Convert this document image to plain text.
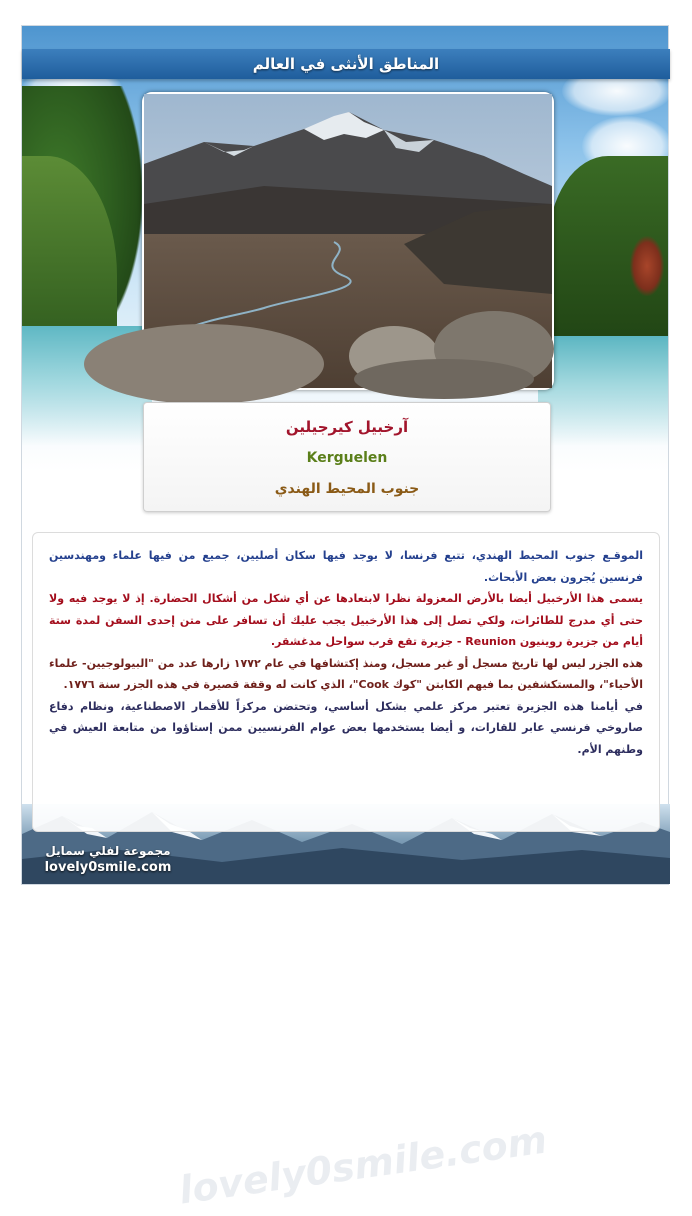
المناطق الأنثى في العالم
آرخبيل كيرجيلين
Kerguelen
جنوب المحيط الهندي
lovely0smile.com

الموقـع جنوب المحيط الهندي، تتبع فرنسا، لا يوجد فيها سكان أصليين، جميع من فيها علماء ومهندسين فرنسين يُجرون بعض الأبحاث.

يسمى هذا الأرخبيل أيضا بالأرض المعزولة نظرا لابتعادها عن أي شكل من أشكال الحضارة. إذ لا يوجد فيه ولا حتى أي مدرج للطائرات، ولكي تصل إلى هذا الأرخبيل يجب عليك أن تسافر على متن إحدى السفن لمدة ستة أيام من جزيرة روينيون Reunion - جزيرة تقع قرب سواحل مدغشقر.

هذه الجزر ليس لها تاريخ مسجل أو غير مسجل، ومنذ إكتشافها في عام ١٧٧٢ زارها عدد من "البيولوجيين- علماء الأحياء"، والمستكشفين بما فيهم الكابتن "كوك Cook"، الذي كانت له وقفة قصيرة في هذه الجزر سنة ١٧٧٦.

في أيامنا هذه الجزيرة تعتبر مركز علمي بشكل أساسي، وتحتضن مركزاً للأقمار الاصطناعية، ونظام دفاع صاروخي فرنسي عابر للقارات، و أيضا يستخدمها بعض عوام الفرنسيين ممن إستاؤوا من متابعة العيش في وطنهم الأم.

مجموعة لفلي سمايل
lovely0smile.com
